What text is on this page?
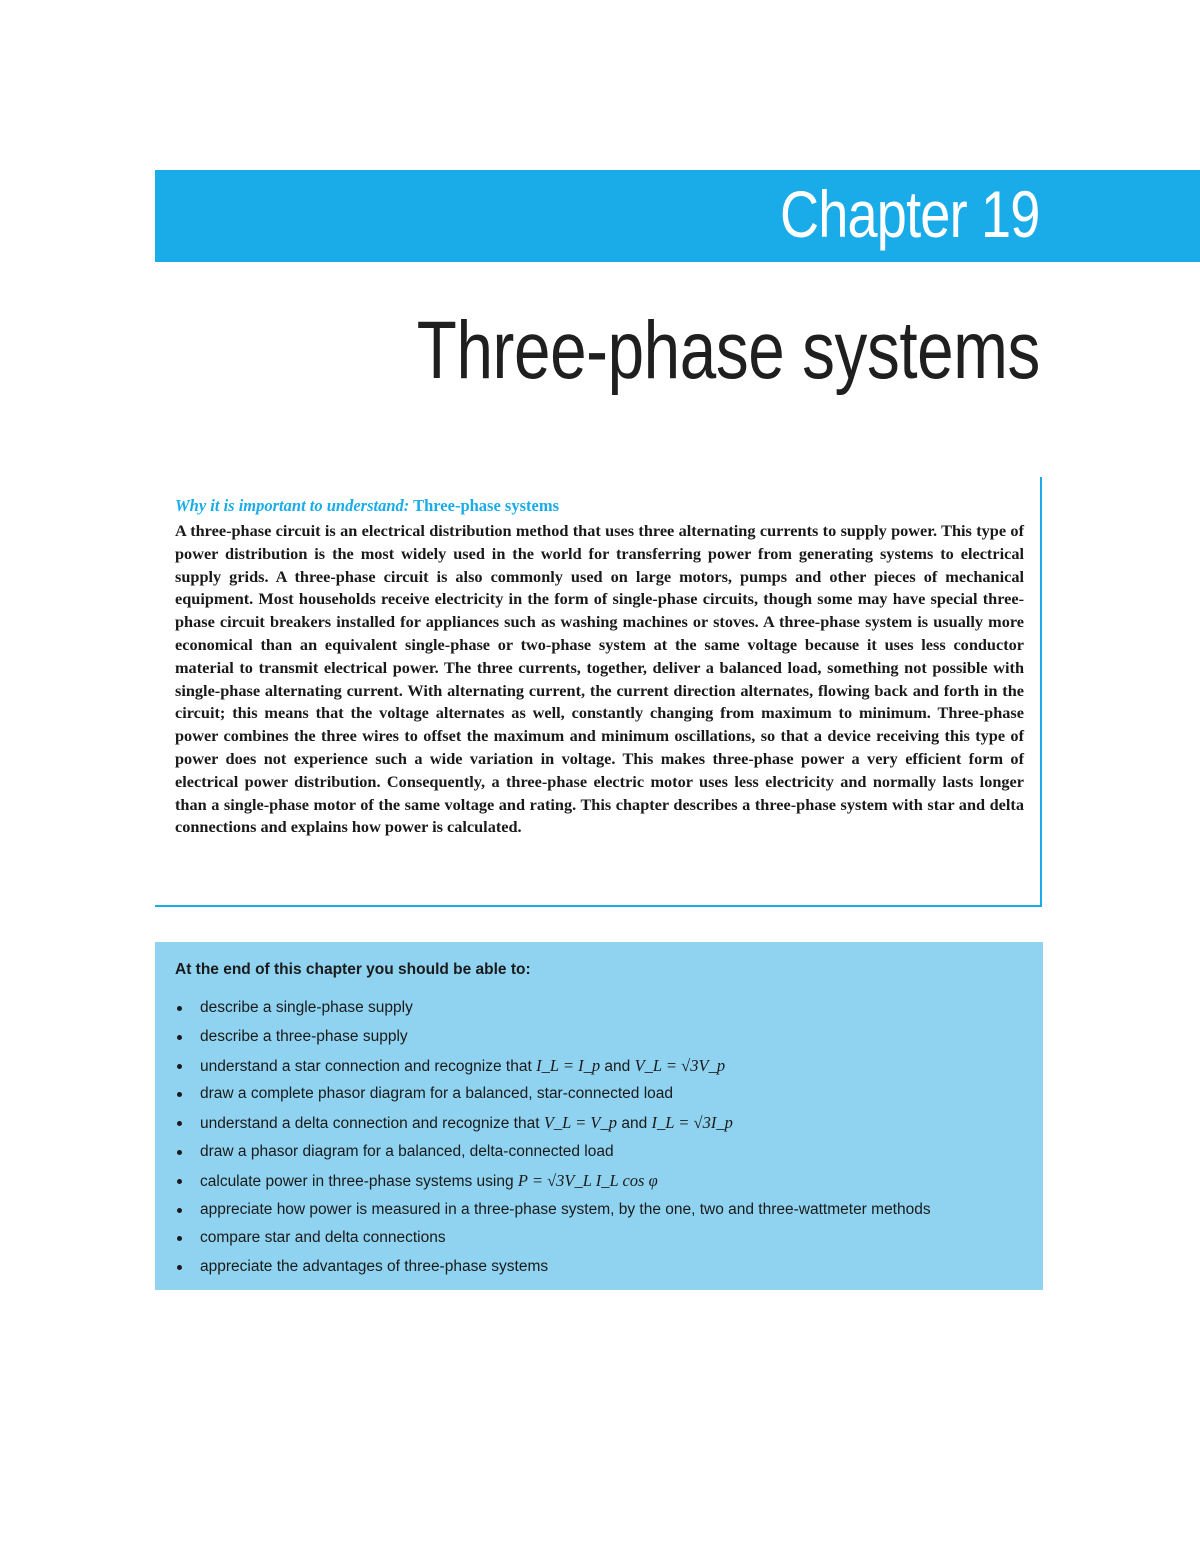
Chapter 19
Three-phase systems
Why it is important to understand: Three-phase systems

A three-phase circuit is an electrical distribution method that uses three alternating currents to supply power. This type of power distribution is the most widely used in the world for transferring power from generating systems to electrical supply grids. A three-phase circuit is also commonly used on large motors, pumps and other pieces of mechanical equipment. Most households receive electricity in the form of single-phase circuits, though some may have special three-phase circuit breakers installed for appliances such as washing machines or stoves. A three-phase system is usually more economical than an equivalent single-phase or two-phase system at the same voltage because it uses less conductor material to transmit electrical power. The three currents, together, deliver a balanced load, something not possible with single-phase alternating current. With alternating current, the current direction alternates, flowing back and forth in the circuit; this means that the voltage alternates as well, constantly changing from maximum to minimum. Three-phase power combines the three wires to offset the maximum and minimum oscillations, so that a device receiving this type of power does not experience such a wide variation in voltage. This makes three-phase power a very efficient form of electrical power distribution. Consequently, a three-phase electric motor uses less electricity and normally lasts longer than a single-phase motor of the same voltage and rating. This chapter describes a three-phase system with star and delta connections and explains how power is calculated.

At the end of this chapter you should be able to:
describe a single-phase supply
describe a three-phase supply
understand a star connection and recognize that I_L = I_p and V_L = √3V_p
draw a complete phasor diagram for a balanced, star-connected load
understand a delta connection and recognize that V_L = V_p and I_L = √3I_p
draw a phasor diagram for a balanced, delta-connected load
calculate power in three-phase systems using P = √3V_L I_L cos φ
appreciate how power is measured in a three-phase system, by the one, two and three-wattmeter methods
compare star and delta connections
appreciate the advantages of three-phase systems
